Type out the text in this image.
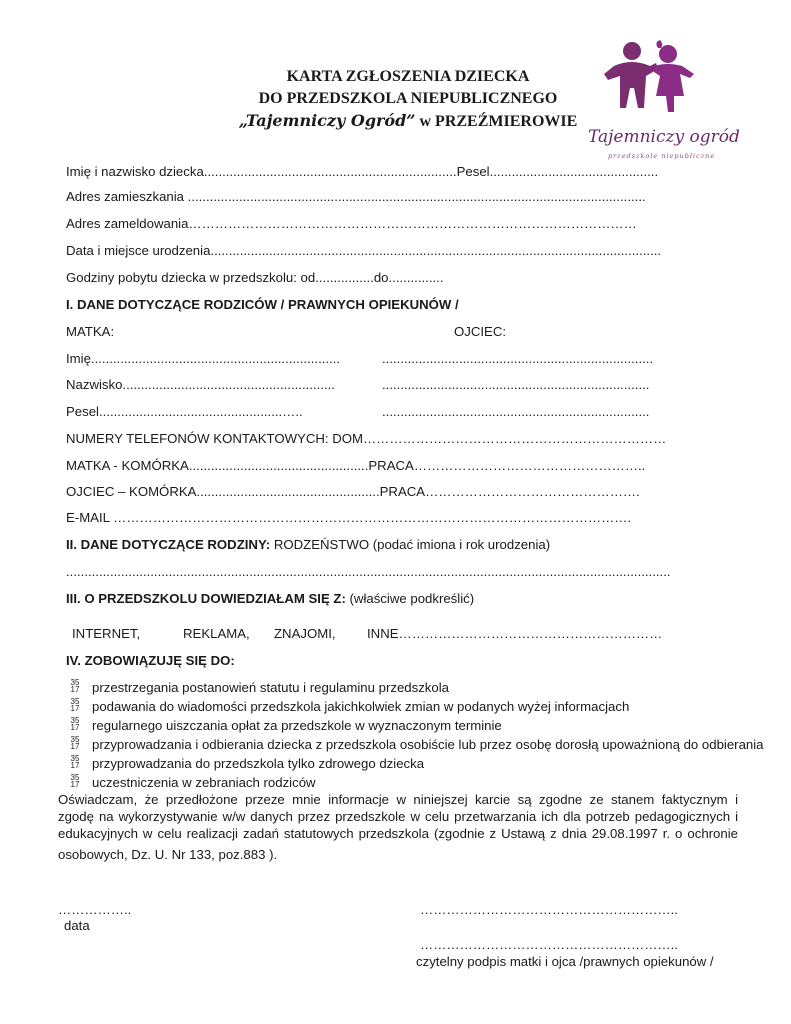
KARTA ZGŁOSZENIA DZIECKA
DO PRZEDSZKOLA NIEPUBLICZNEGO
„Tajemniczy Ogród” w PRZEŹMIEROWIE
Tajemniczy ogród
przedszkole niepubliczne
Imię i nazwisko dziecka.....................................................................Pesel..............................................
Adres zamieszkania .............................................................................................................................
Adres zameldowania…………………………………………………………………………………………
Data i miejsce urodzenia...........................................................................................................................
Godziny pobytu dziecka w przedszkolu: od................do...............
I. DANE DOTYCZĄCE RODZICÓW / PRAWNYCH OPIEKUNÓW /
MATKA:	OJCIEC:
Imię....................................................................	..........................................................................
Nazwisko..........................................................	.........................................................................
Pesel..................................................…..	.........................................................................
NUMERY TELEFONÓW KONTAKTOWYCH: DOM……………………………………………………………
MATKA - KOMÓRKA.................................................PRACA……………………………………………..
OJCIEC – KOMÓRKA..................................................PRACA………………………………………….
E-MAIL ……………………………………………………………………………………………………….
II. DANE DOTYCZĄCE RODZINY: RODZEŃSTWO (podać imiona i rok urodzenia)
.....................................................................................................................................................................
III. O PRZEDSZKOLU DOWIEDZIAŁAM SIĘ Z: (właściwe podkreślić)
INTERNET,	REKLAMA, ZNAJOMI, INNE……………………………………………………
IV. ZOBOWIĄZUJĘ SIĘ DO:
35
17 przestrzegania postanowień statutu i regulaminu przedszkola
35
17 podawania do wiadomości przedszkola jakichkolwiek zmian w podanych wyżej informacjach
35
17 regularnego uiszczania opłat za przedszkole w wyznaczonym terminie
35
17 przyprowadzania i odbierania dziecka z przedszkola osobiście lub przez osobę dorosłą upoważnioną do odbierania
35
17 przyprowadzania do przedszkola tylko zdrowego dziecka
35
17 uczestniczenia w zebraniach rodziców
Oświadczam, że przedłożone przeze mnie informacje w niniejszej karcie są zgodne ze stanem faktycznym i
zgodę na wykorzystywanie w/w danych przez przedszkole w celu przetwarzania ich dla potrzeb pedagogicznych i
edukacyjnych w celu realizacji zadań statutowych przedszkola (zgodnie z Ustawą z dnia 29.08.1997 r. o ochronie
osobowych, Dz. U. Nr 133, poz.883 ).
……………..
data
…………………………………………………..
…………………………………………………..
czytelny podpis matki i ojca /prawnych opiekunów /
